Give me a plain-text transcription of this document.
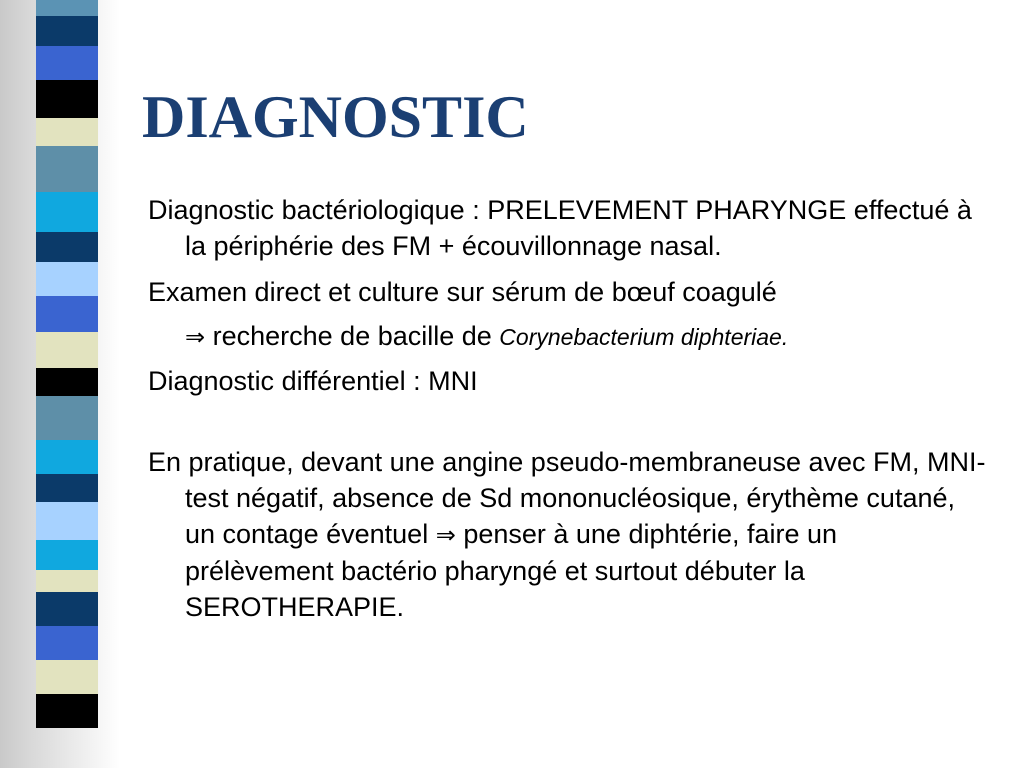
DIAGNOSTIC

Diagnostic bactériologique : PRELEVEMENT PHARYNGE effectué à la périphérie des FM + écouvillonnage nasal.

Examen direct et culture sur sérum de bœuf coagulé

⇒ recherche de bacille de Corynebacterium diphteriae.

Diagnostic différentiel : MNI

En pratique, devant une angine pseudo-membraneuse avec FM, MNI-test négatif, absence de Sd mononucléosique, érythème cutané, un contage éventuel ⇒ penser à une diphtérie, faire un prélèvement bactério pharyngé et surtout débuter la SEROTHERAPIE.
